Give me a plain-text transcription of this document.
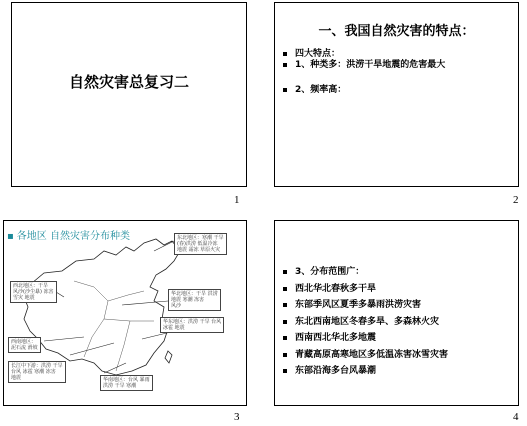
自然灾害总复习二
1
一、我国自然灾害的特点：
四大特点：
1、种类多：洪涝干旱地震的危害最大
2、频率高：
2
▪ 各地区 自然灾害分布种类	东北地区：寒潮 干旱
(春)洪涝 低温冷冻
地震 霜冻 草原火灾
西北地区：干旱
风沙(沙尘暴) 冻害
雪灾 地震
华北地区：干旱 洪涝
地震 寒潮 冻害
风沙
华东地区：洪涝 干旱 台风
冰雹 地震
西南地区：
泥石流 滑坡
长江中下游：洪涝 干旱
台风 冰雹 寒潮 冻害
地震	华南地区：台风 暴雨
洪涝 干旱 寒潮
3
3、分布范围广：
西北华北春秋多干旱
东部季风区夏季多暴雨洪涝灾害
东北西南地区冬春多旱、多森林火灾
西南西北华北多地震
青藏高原高寒地区多低温冻害冰雪灾害
东部沿海多台风暴潮
4
